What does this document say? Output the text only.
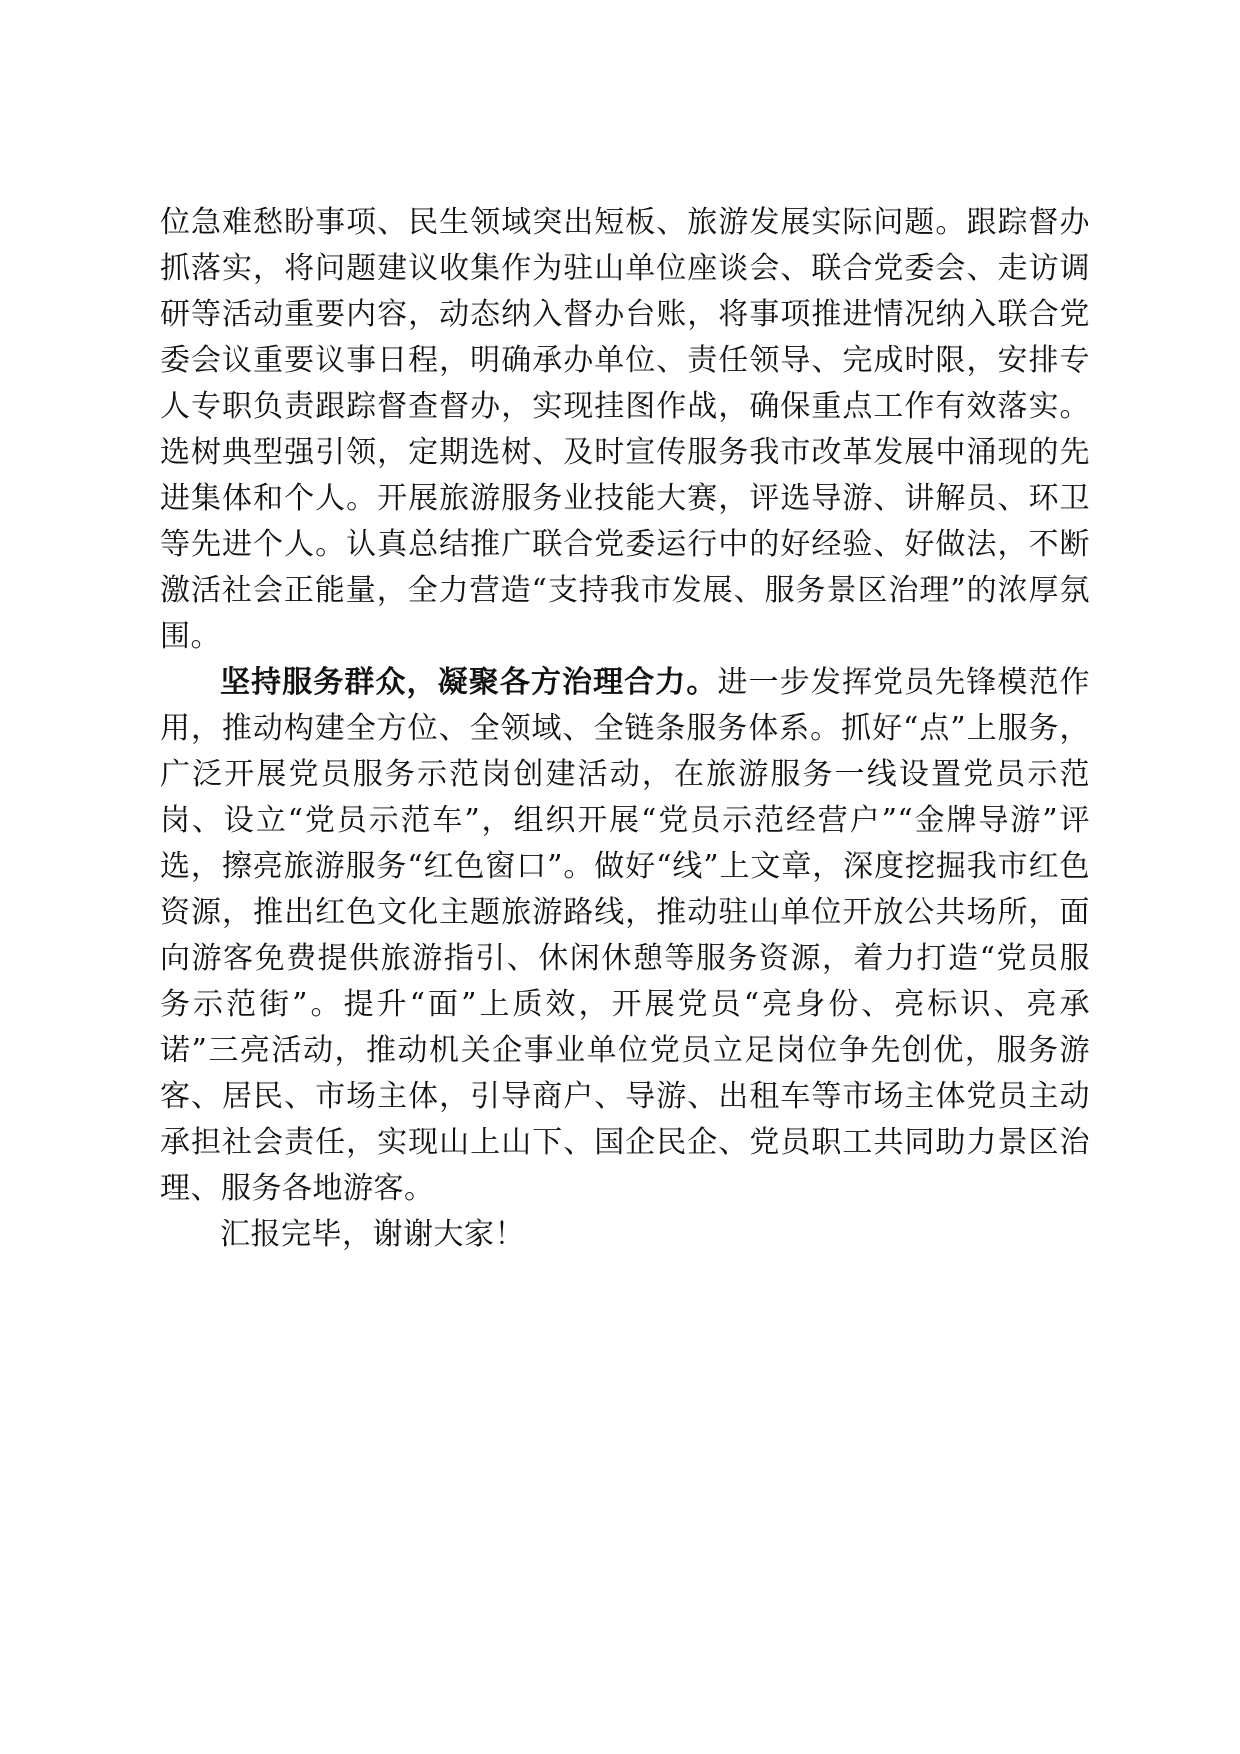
位急难愁盼事项、民生领域突出短板、旅游发展实际问题。跟踪督办抓落实，将问题建议收集作为驻山单位座谈会、联合党委会、走访调研等活动重要内容，动态纳入督办台账，将事项推进情况纳入联合党委会议重要议事日程，明确承办单位、责任领导、完成时限，安排专人专职负责跟踪督查督办，实现挂图作战，确保重点工作有效落实。选树典型强引领，定期选树、及时宣传服务我市改革发展中涌现的先进集体和个人。开展旅游服务业技能大赛，评选导游、讲解员、环卫等先进个人。认真总结推广联合党委运行中的好经验、好做法，不断激活社会正能量，全力营造“支持我市发展、服务景区治理”的浓厚氛围。

坚持服务群众，凝聚各方治理合力。进一步发挥党员先锋模范作用，推动构建全方位、全领域、全链条服务体系。抓好“点”上服务，广泛开展党员服务示范岗创建活动，在旅游服务一线设置党员示范岗、设立“党员示范车”，组织开展“党员示范经营户”“金牌导游”评选，擦亮旅游服务“红色窗口”。做好“线”上文章，深度挖掘我市红色资源，推出红色文化主题旅游路线，推动驻山单位开放公共场所，面向游客免费提供旅游指引、休闲休憩等服务资源，着力打造“党员服务示范街”。提升“面”上质效，开展党员“亮身份、亮标识、亮承诺”三亮活动，推动机关企事业单位党员立足岗位争先创优，服务游客、居民、市场主体，引导商户、导游、出租车等市场主体党员主动承担社会责任，实现山上山下、国企民企、党员职工共同助力景区治理、服务各地游客。

汇报完毕，谢谢大家！
